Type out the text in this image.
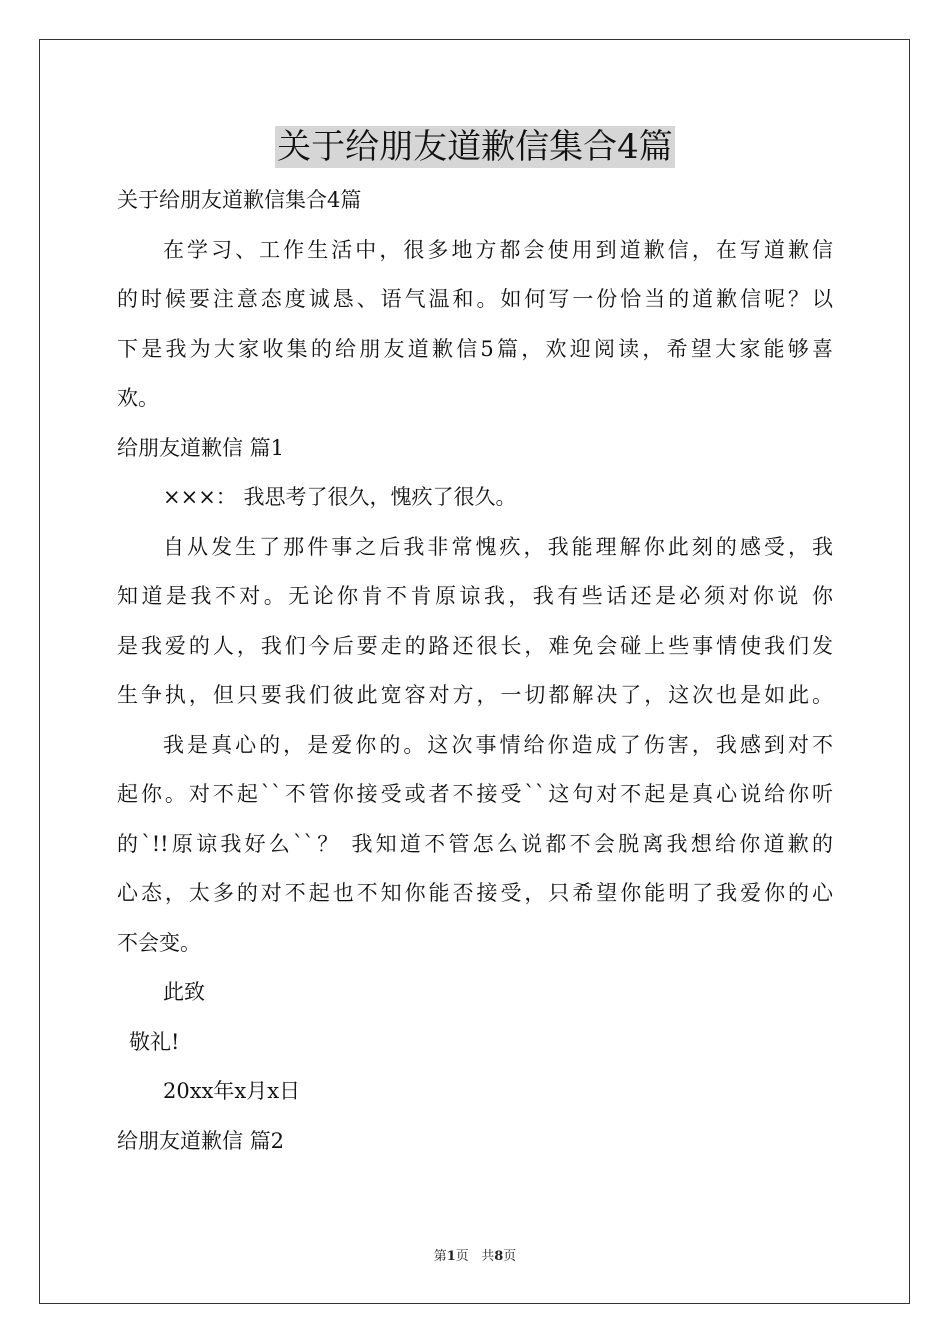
关于给朋友道歉信集合4篇
关于给朋友道歉信集合4篇
在学习、工作生活中，很多地方都会使用到道歉信，在写道歉信
的时候要注意态度诚恳、语气温和。如何写一份恰当的道歉信呢？以
下是我为大家收集的给朋友道歉信5篇，欢迎阅读，希望大家能够喜
欢。
给朋友道歉信 篇1
×××： 我思考了很久，愧疚了很久。
自从发生了那件事之后我非常愧疚，我能理解你此刻的感受，我
知道是我不对。无论你肯不肯原谅我，我有些话还是必须对你说 你
是我爱的人，我们今后要走的路还很长，难免会碰上些事情使我们发
生争执，但只要我们彼此宽容对方，一切都解决了，这次也是如此。
我是真心的，是爱你的。这次事情给你造成了伤害，我感到对不
起你。对不起``不管你接受或者不接受``这句对不起是真心说给你听
的`!!原谅我好么``？ 我知道不管怎么说都不会脱离我想给你道歉的
心态，太多的对不起也不知你能否接受，只希望你能明了我爱你的心
不会变。
此致
敬礼!
20xx年x月x日
给朋友道歉信 篇2
第1页 共8页
